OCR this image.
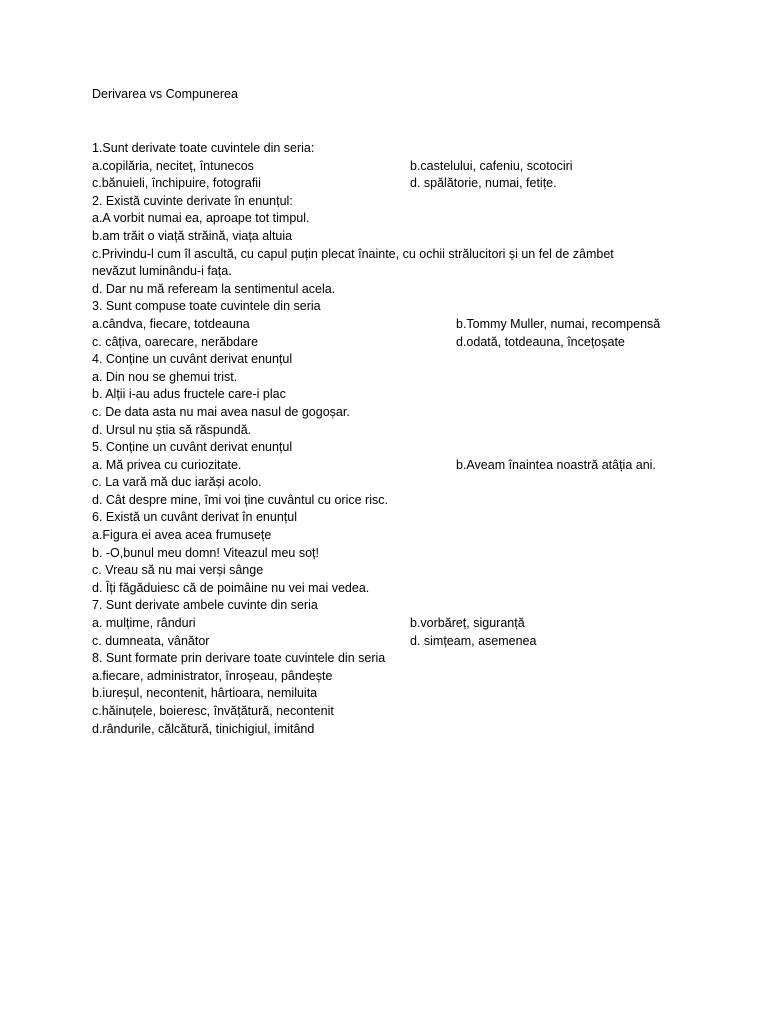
Derivarea vs Compunerea
1.Sunt derivate toate cuvintele din seria:
a.copilăria, neciteț, întunecos	b.castelului, cafeniu, scotociri
c.bănuieli, închipuire, fotografii	d. spălătorie, numai, fetițe.
2. Există cuvinte derivate în enunțul:
a.A vorbit numai ea, aproape tot timpul.
b.am trăit o viață străină, viața altuia
c.Privindu-l cum îl ascultă, cu capul puțin plecat înainte, cu ochii strălucitori și un fel de zâmbet
nevăzut luminându-i fața.
d. Dar nu mă refeream la sentimentul acela.
3. Sunt compuse toate cuvintele din seria
a.cândva, fiecare, totdeauna	b.Tommy Muller, numai, recompensă
c. câțiva, oarecare, nerăbdare	d.odată, totdeauna, încețoșate
4. Conține un cuvânt derivat enunțul
a. Din nou se ghemui trist.
b. Alții i-au adus fructele care-i plac
c. De data asta nu mai avea nasul de gogoșar.
d. Ursul nu știa să răspundă.
5. Conține un cuvânt derivat enunțul
a. Mă privea cu curiozitate.	b.Aveam înaintea noastră atâția ani.
c. La vară mă duc iarăși acolo.
d. Cât despre mine, îmi voi ține cuvântul cu orice risc.
6. Există un cuvânt derivat în enunțul
a.Figura ei avea acea frumusețe
b. -O,bunul meu domn! Viteazul meu soț!
c. Vreau să nu mai verși sânge
d. Îți făgăduiesc că de poimâine nu vei mai vedea.
7. Sunt derivate ambele cuvinte din seria
a. mulțime, rânduri	b.vorbăreț, siguranță
c. dumneata, vânător	d. simțeam, asemenea
8. Sunt formate prin derivare toate cuvintele din seria
a.fiecare, administrator, înroșeau, pândește
b.iureșul, necontenit, hârtioara, nemiluita
c.hăinuțele, boieresc, învățătură, necontenit
d.rândurile, călcătură, tinichigiul, imitând
